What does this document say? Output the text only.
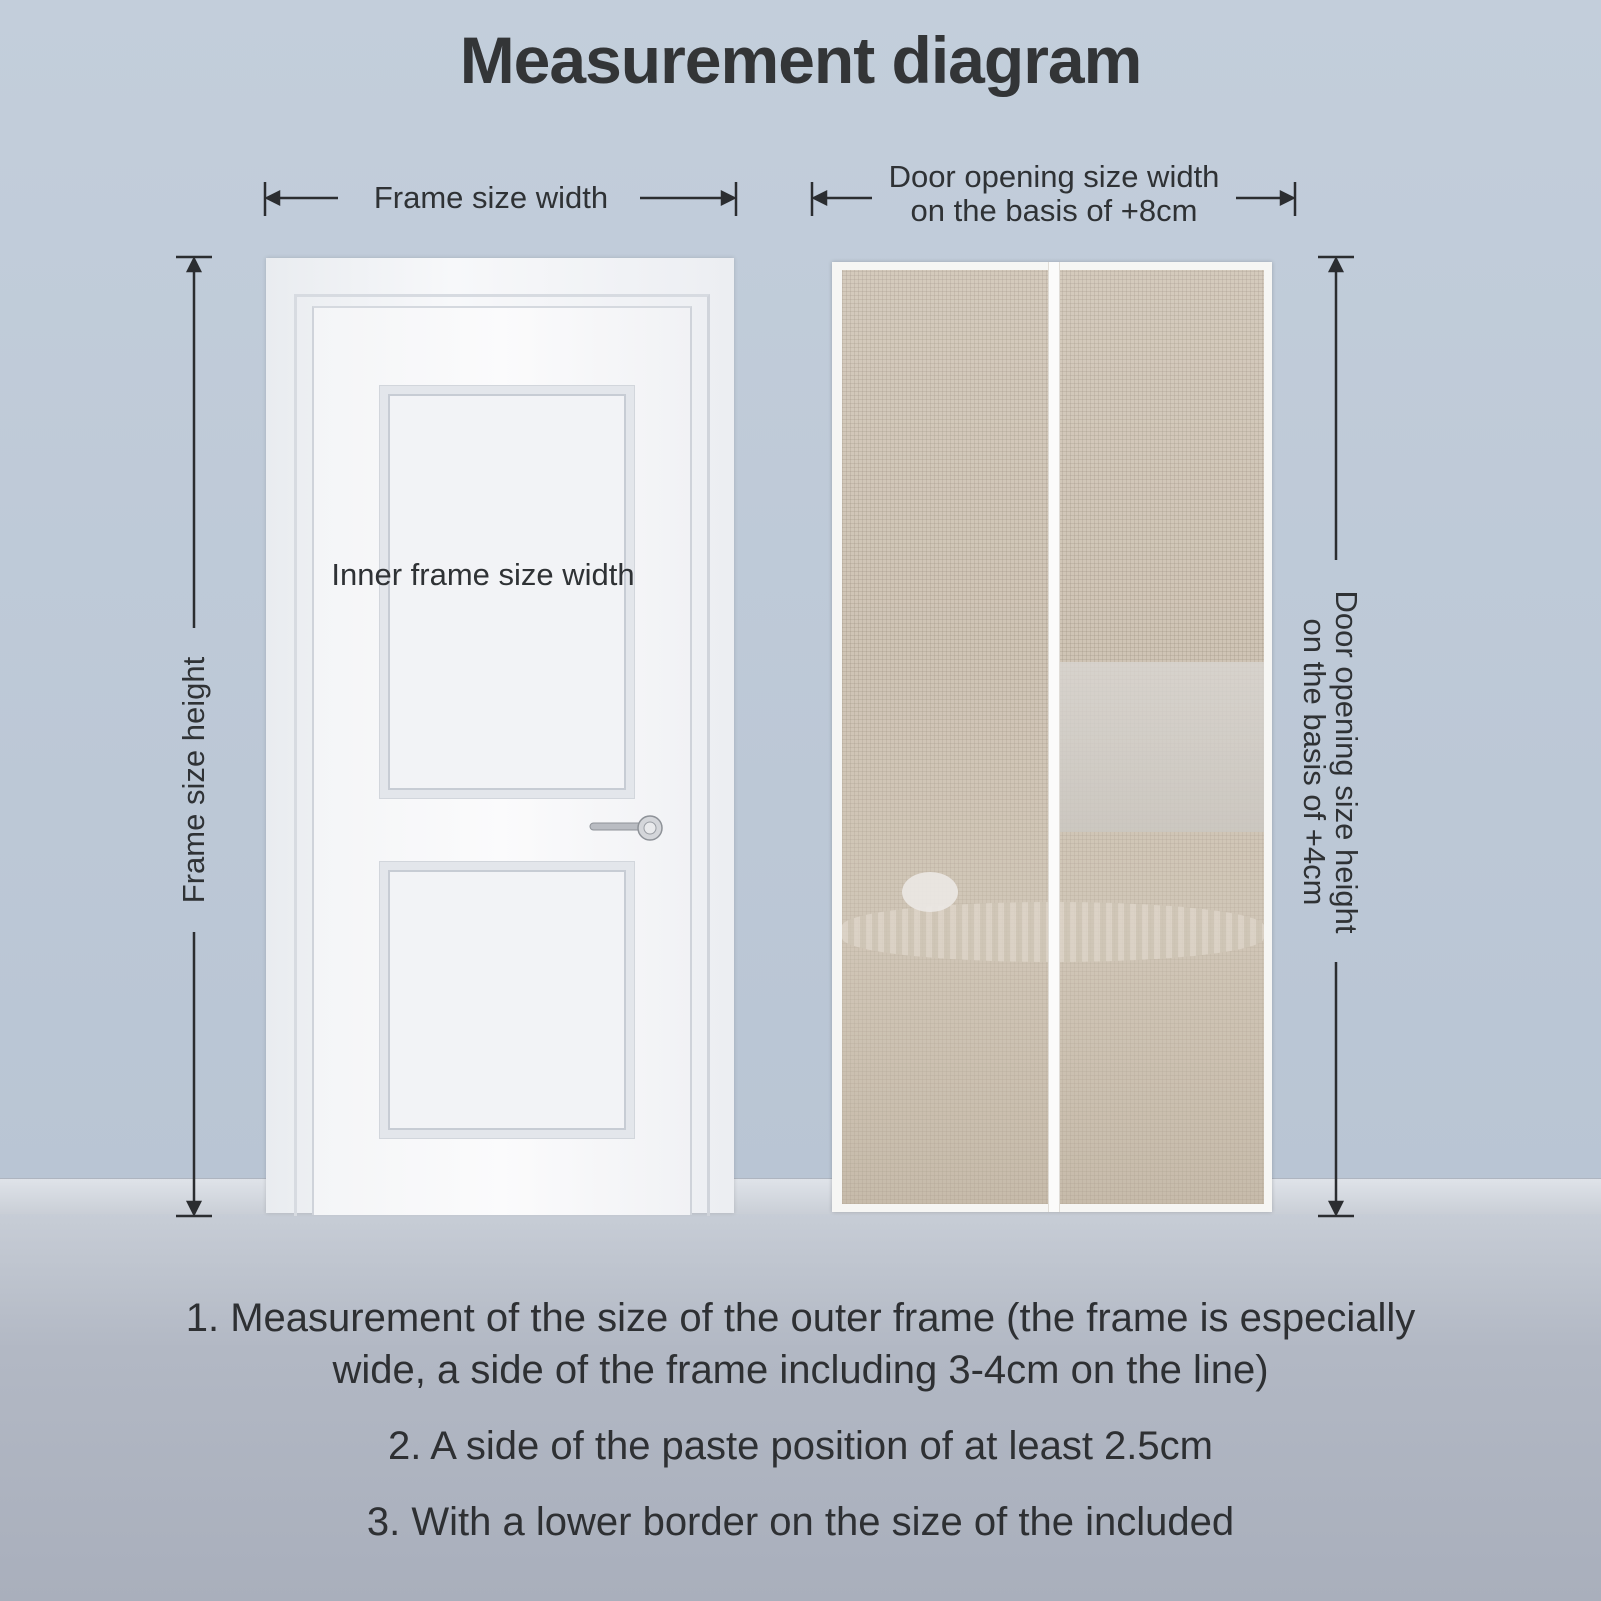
Measurement diagram
Frame size width
Door opening size width
on the basis of +8cm
Inner frame size width
Frame size height	Door opening size height
on the basis of +4cm
1. Measurement of the size of the outer frame (the frame is especially wide, a side of the frame including 3-4cm on the line)
2. A side of the paste position of at least 2.5cm
3. With a lower border on the size of the included
